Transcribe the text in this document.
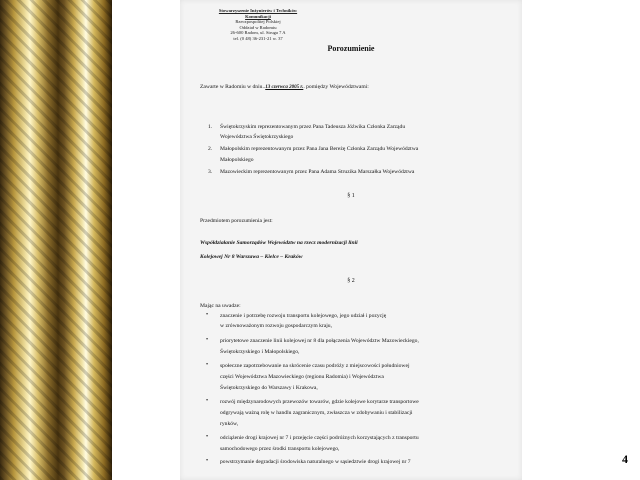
Stowarzyszenie Inżynierów i Techników Komunikacji
Rzeczpospolitej Polskiej
Oddział w Radomiu
26-600 Radom, ul. Struga 7 A
tel. (0 48) 36-231-21 w. 37
Porozumienie
Zawarte w Radomiu w dniu..13 czerwca 2005 r.. pomiędzy Województwami:
1. Świętokrzyskim reprezentowanym przez Pana Tadeusza Jóźwika Członka Zarządu
Województwa Świętokrzyskiego
2. Małopolskim reprezentowanym przez Pana Jana Bereżę Członka Zarządu Województwa
Małopolskiego
3. Mazowieckim reprezentowanym przez Pana Adama Struzika Marszałka Województwa
§ 1
Przedmiotem porozumienia jest:
Współdziałanie Samorządów Województw na rzecz modernizacji linii
Kolejowej Nr 8 Warszawa – Kielce – Kraków
§ 2
Mając na uwadze:
• znaczenie i potrzebę rozwoju transportu kolejowego, jego udział i pozycję
w zrównoważonym rozwoju gospodarczym kraju,
• priorytetowe znaczenie linii kolejowej nr 8 dla połączenia Województw Mazowieckiego,
Świętokrzyskiego i Małopolskiego,
• społeczne zapotrzebowanie na skrócenie czasu podróży z miejscowości południowej
części Województwa Mazowieckiego (regionu Radomia) i Województwa
Świętokrzyskiego do Warszawy i Krakowa,
• rozwój międzynarodowych przewozów towarów, gdzie kolejowe korytarze transportowe
odgrywają ważną rolę w handlu zagranicznym, zwłaszcza w zdobywaniu i stabilizacji
rynków,
• odciążenie drogi krajowej nr 7 i przejęcie części podróżnych korzystających z transportu
samochodowego przez środki transportu kolejowego,
• powstrzymanie degradacji środowiska naturalnego w sąsiedztwie drogi krajowej nr 7	4
